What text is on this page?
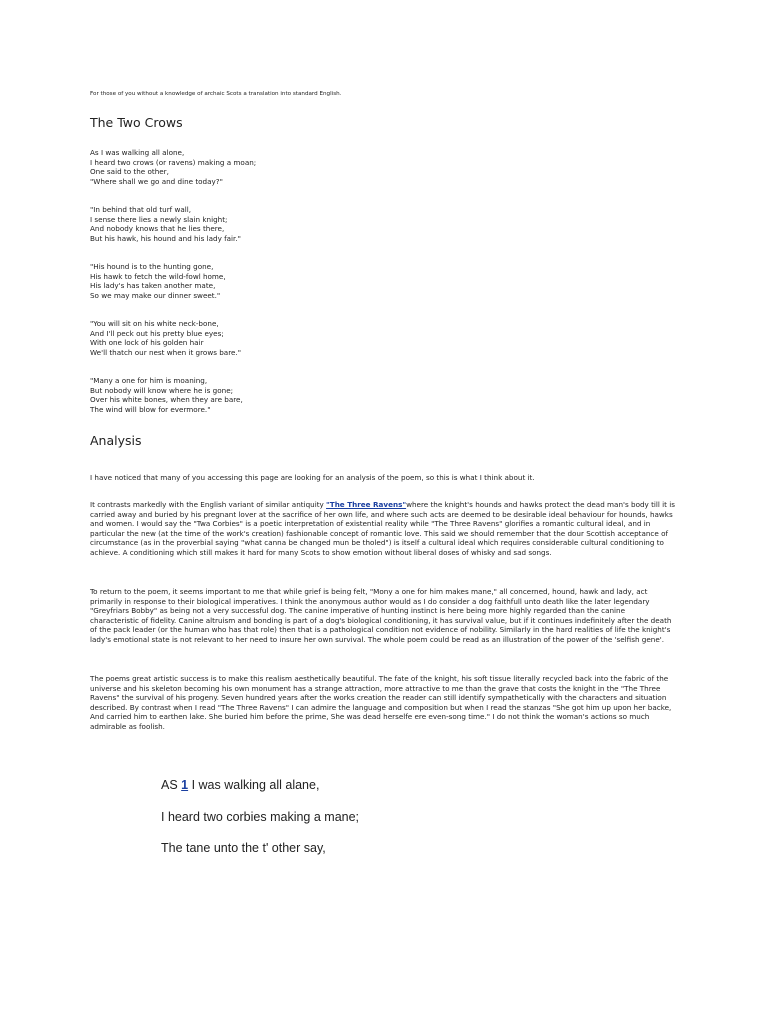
For those of you without a knowledge of archaic Scots a translation into standard English.
The Two Crows
As I was walking all alone,
I heard two crows (or ravens) making a moan;
One said to the other,
"Where shall we go and dine today?"
"In behind that old turf wall,
I sense there lies a newly slain knight;
And nobody knows that he lies there,
But his hawk, his hound and his lady fair."
"His hound is to the hunting gone,
His hawk to fetch the wild-fowl home,
His lady's has taken another mate,
So we may make our dinner sweet."
"You will sit on his white neck-bone,
And I'll peck out his pretty blue eyes;
With one lock of his golden hair
We'll thatch our nest when it grows bare."
"Many a one for him is moaning,
But nobody will know where he is gone;
Over his white bones, when they are bare,
The wind will blow for evermore."
Analysis

I have noticed that many of you accessing this page are looking for an analysis of the poem, so this is what I think about it.

It contrasts markedly with the English variant of similar antiquity "The Three Ravens"where the knight's hounds and hawks protect the dead man's body till it is carried away and buried by his pregnant lover at the sacrifice of her own life, and where such acts are deemed to be desirable ideal behaviour for hounds, hawks and women. I would say the "Twa Corbies" is a poetic interpretation of existential reality while "The Three Ravens" glorifies a romantic cultural ideal, and in particular the new (at the time of the work's creation) fashionable concept of romantic love. This said we should remember that the dour Scottish acceptance of circumstance (as in the proverbial saying "what canna be changed mun be tholed") is itself a cultural ideal which requires considerable cultural conditioning to achieve. A conditioning which still makes it hard for many Scots to show emotion without liberal doses of whisky and sad songs.

To return to the poem, it seems important to me that while grief is being felt, "Mony a one for him makes mane," all concerned, hound, hawk and lady, act primarily in response to their biological imperatives. I think the anonymous author would as I do consider a dog faithfull unto death like the later legendary "Greyfriars Bobby" as being not a very successful dog. The canine imperative of hunting instinct is here being more highly regarded than the canine characteristic of fidelity. Canine altruism and bonding is part of a dog's biological conditioning, it has survival value, but if it continues indefinitely after the death of the pack leader (or the human who has that role) then that is a pathological condition not evidence of nobility. Similarly in the hard realities of life the knight's lady's emotional state is not relevant to her need to insure her own survival. The whole poem could be read as an illustration of the power of the 'selfish gene'.

The poems great artistic success is to make this realism aesthetically beautiful. The fate of the knight, his soft tissue literally recycled back into the fabric of the universe and his skeleton becoming his own monument has a strange attraction, more attractive to me than the grave that costs the knight in the "The Three Ravens" the survival of his progeny. Seven hundred years after the works creation the reader can still identify sympathetically with the characters and situation described. By contrast when I read "The Three Ravens" I can admire the language and composition but when I read the stanzas "She got him up upon her backe, And carried him to earthen lake. She buried him before the prime, She was dead herselfe ere even-song time." I do not think the woman's actions so much admirable as foolish.

AS 1 I was walking all alane,
I heard two corbies making a mane;
The tane unto the t' other say,
